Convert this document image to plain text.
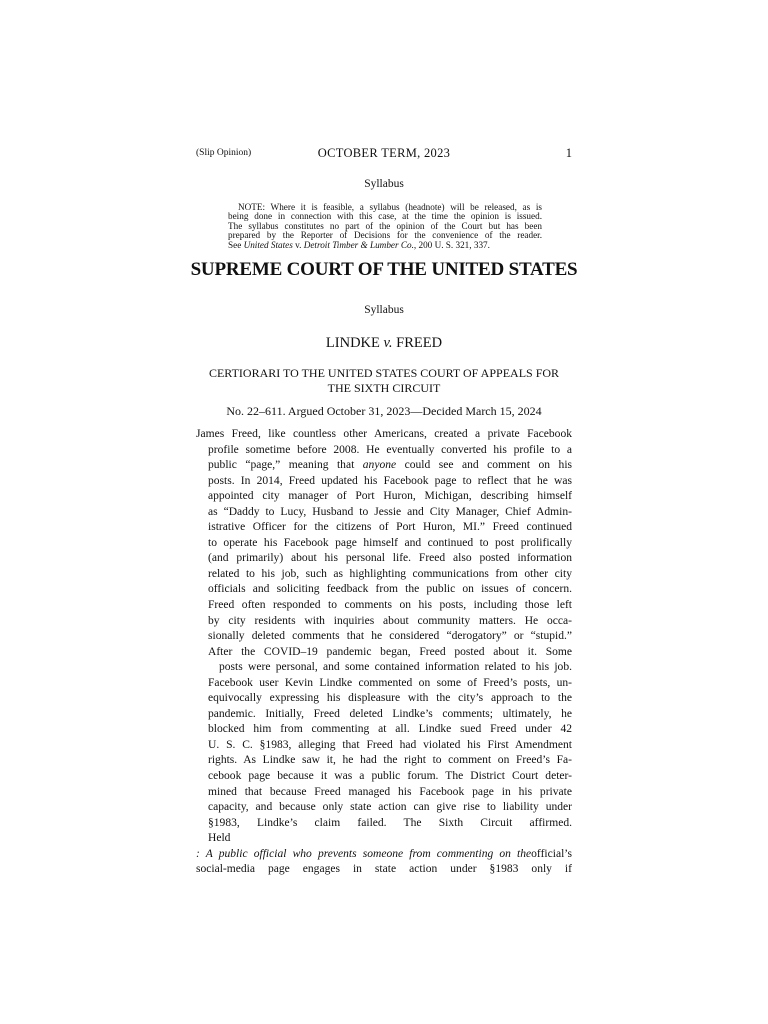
(Slip Opinion)	OCTOBER TERM, 2023	1
Syllabus
NOTE: Where it is feasible, a syllabus (headnote) will be released, as is
being done in connection with this case, at the time the opinion is issued.
The syllabus constitutes no part of the opinion of the Court but has been
prepared by the Reporter of Decisions for the convenience of the reader.
See United States v. Detroit Timber & Lumber Co., 200 U. S. 321, 337.
SUPREME COURT OF THE UNITED STATES
Syllabus
LINDKE v. FREED
CERTIORARI TO THE UNITED STATES COURT OF APPEALS FOR
THE SIXTH CIRCUIT
No. 22–611. Argued October 31, 2023—Decided March 15, 2024
James Freed, like countless other Americans, created a private Facebook
profile sometime before 2008. He eventually converted his profile to a
public “page,” meaning that anyone could see and comment on his
posts. In 2014, Freed updated his Facebook page to reflect that he was
appointed city manager of Port Huron, Michigan, describing himself
as “Daddy to Lucy, Husband to Jessie and City Manager, Chief Admin-
istrative Officer for the citizens of Port Huron, MI.” Freed continued
to operate his Facebook page himself and continued to post prolifically
(and primarily) about his personal life. Freed also posted information
related to his job, such as highlighting communications from other city
officials and soliciting feedback from the public on issues of concern.
Freed often responded to comments on his posts, including those left
by city residents with inquiries about community matters. He occa-
sionally deleted comments that he considered “derogatory” or “stupid.”
After the COVID–19 pandemic began, Freed posted about it. Some
posts were personal, and some contained information related to his job.
Facebook user Kevin Lindke commented on some of Freed’s posts, un-
equivocally expressing his displeasure with the city’s approach to the
pandemic. Initially, Freed deleted Lindke’s comments; ultimately, he
blocked him from commenting at all. Lindke sued Freed under 42
U. S. C. §1983, alleging that Freed had violated his First Amendment
rights. As Lindke saw it, he had the right to comment on Freed’s Fa-
cebook page because it was a public forum. The District Court deter-
mined that because Freed managed his Facebook page in his private
capacity, and because only state action can give rise to liability under
§1983, Lindke’s claim failed. The Sixth Circuit affirmed.
Held
: A public official who prevents someone from commenting on theofficial’s social-media page engages in state action under §1983 only if
